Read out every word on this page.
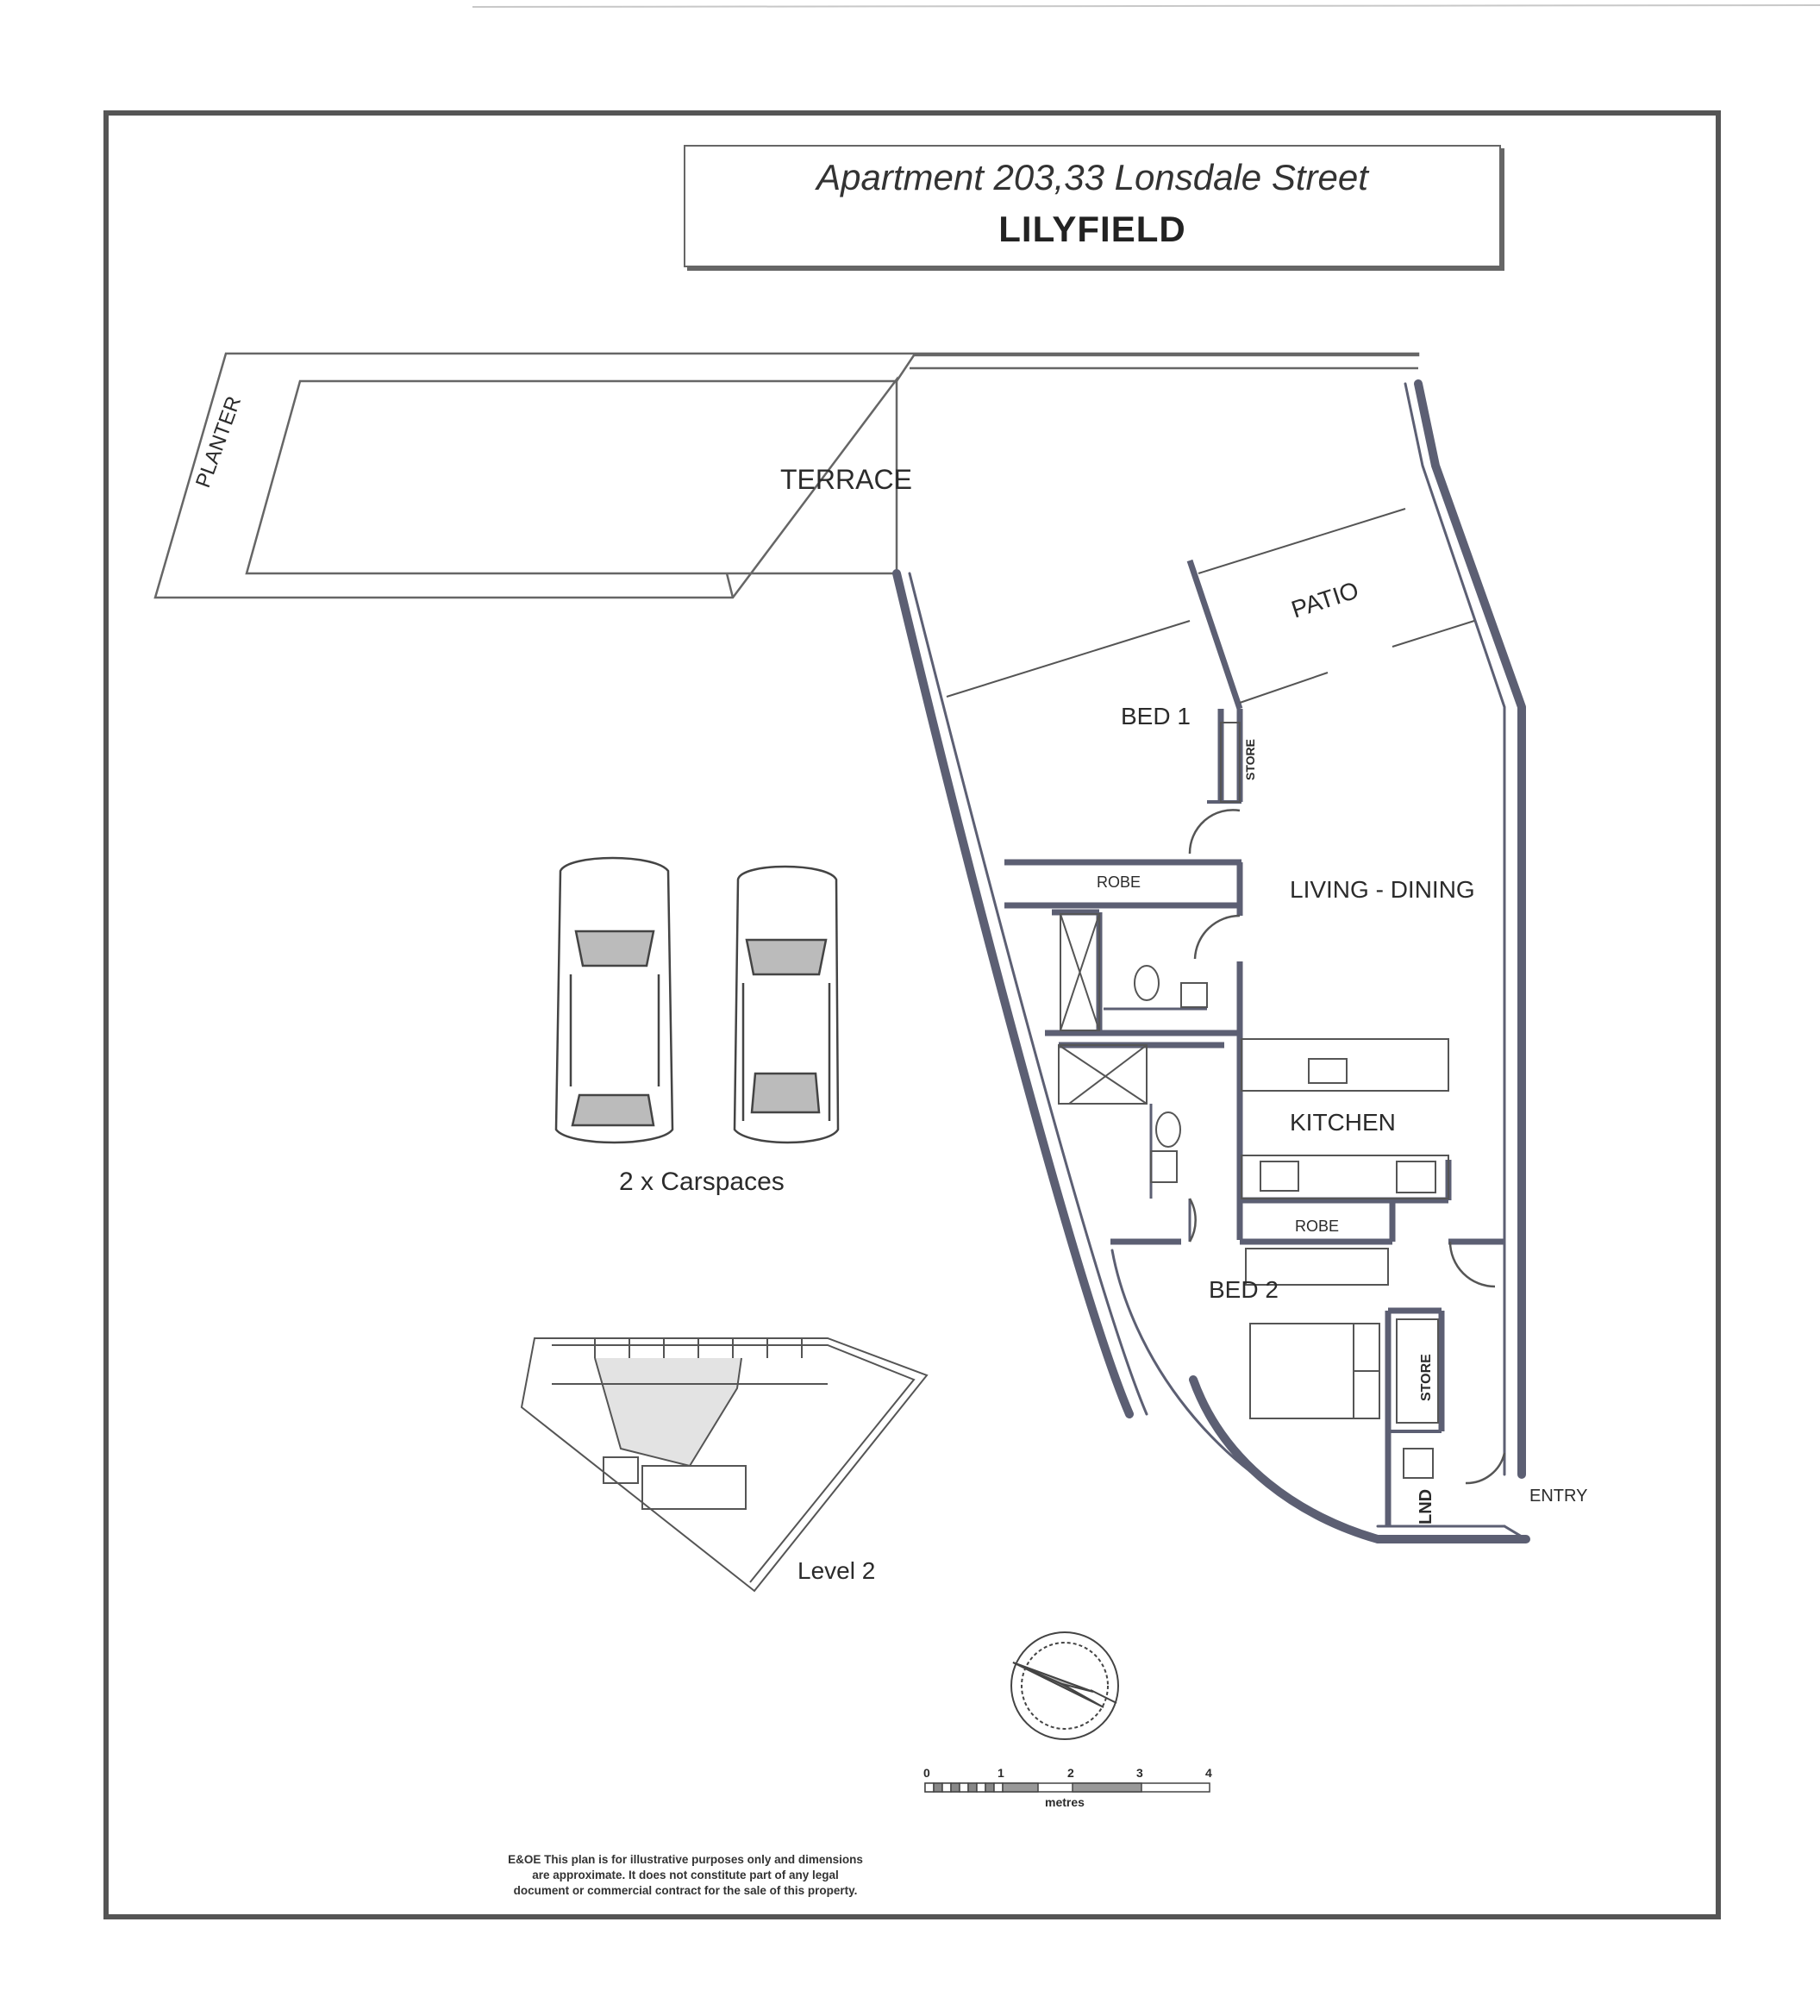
Apartment 203,33 Lonsdale Street
LILYFIELD
PLANTER	TERRACE
PATIO
BED 1
STORE
ROBE	LIVING - DINING
KITCHEN
ROBE
BED 2
STORE
LND	ENTRY
2 x Carspaces
Level 2
0	1	2	3	4
metres
E&OE This plan is for illustrative purposes only and dimensions
are approximate. It does not constitute part of any legal
document or commercial contract for the sale of this property.
